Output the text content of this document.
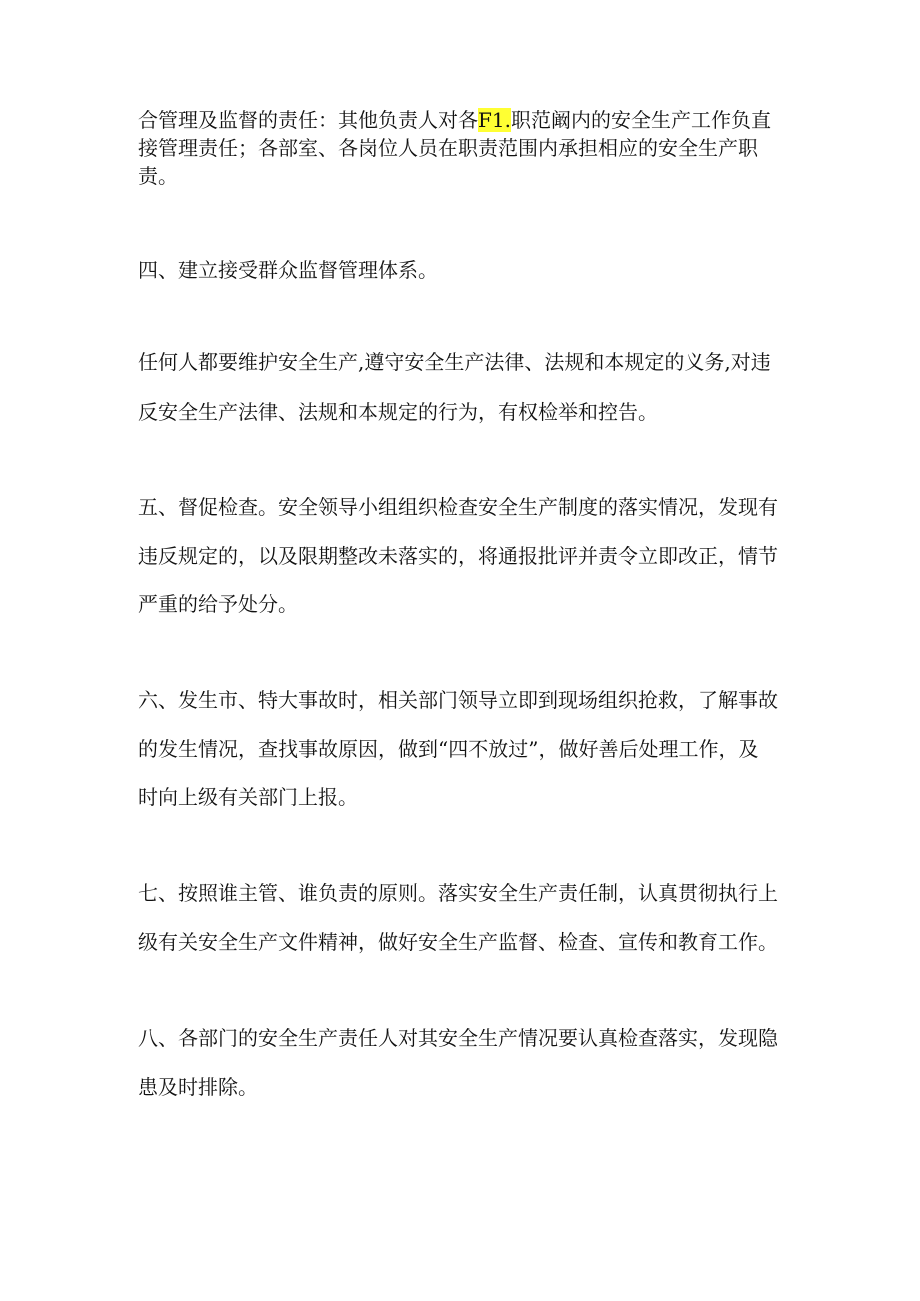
合管理及监督的责任：其他负责人对各F1.职范阚内的安全生产工作负直
接管理责任；各部室、各岗位人员在职责范围内承担相应的安全生产职
责。
四、建立接受群众监督管理体系。
任何人都要维护安全生产,遵守安全生产法律、法规和本规定的义务,对违
反安全生产法律、法规和本规定的行为，有权检举和控告。
五、督促检查。安全领导小组组织检查安全生产制度的落实情况，发现有
违反规定的，以及限期整改未落实的，将通报批评并责令立即改正，情节
严重的给予处分。
六、发生市、特大事故时，相关部门领导立即到现场组织抢救，了解事故
的发生情况，查找事故原因，做到“四不放过”，做好善后处理工作，及
时向上级有关部门上报。
七、按照谁主管、谁负责的原则。落实安全生产责任制，认真贯彻执行上
级有关安全生产文件精神，做好安全生产监督、检查、宣传和教育工作。
八、各部门的安全生产责任人对其安全生产情况要认真检查落实，发现隐
患及时排除。
